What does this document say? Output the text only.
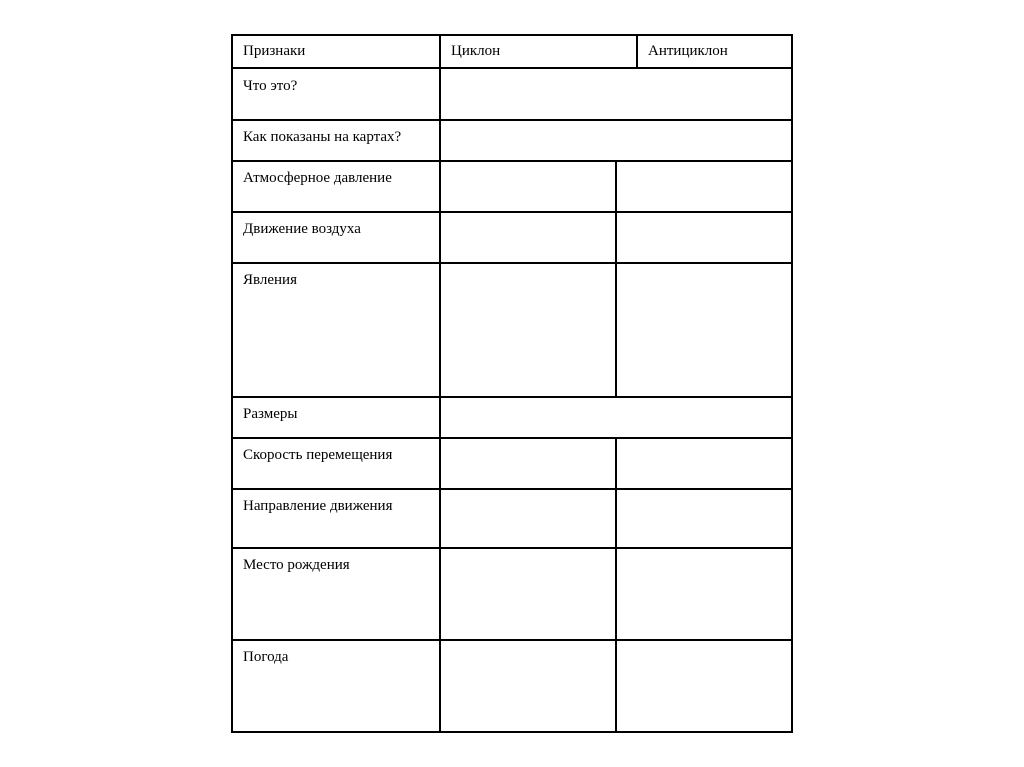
Признаки	Циклон	Антициклон
Что это?
Как показаны на картах?
Атмосферное давление
Движение воздуха
Явления
Размеры
Скорость перемещения
Направление движения
Место рождения
Погода
